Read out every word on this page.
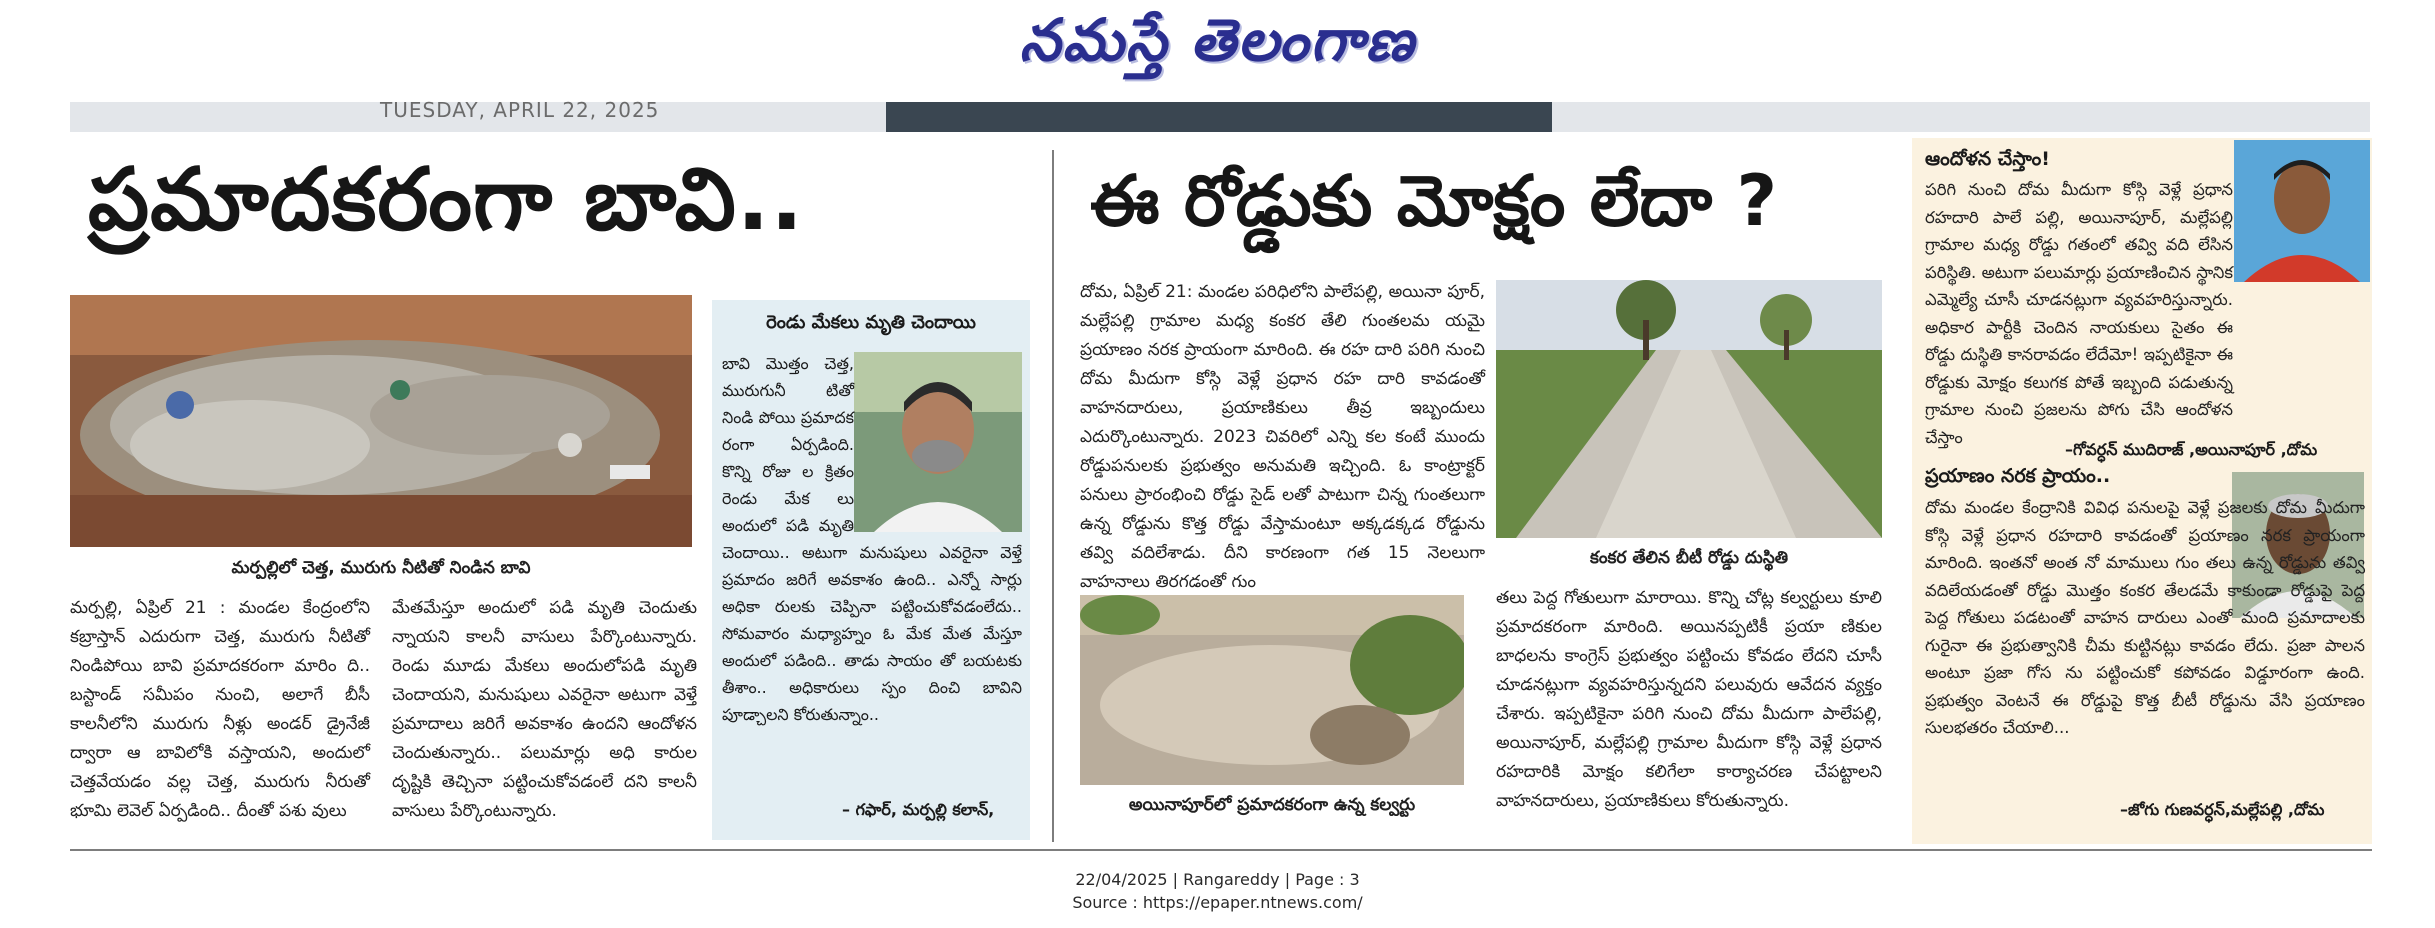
నమస్తే తెలంగాణ
TUESDAY, APRIL 22, 2025
ప్రమాదకరంగా బావి..
మర్పల్లిలో చెత్త, మురుగు నీటితో నిండిన బావి
మర్పల్లి, ఏప్రిల్ 21 : మండల కేంద్రంలోని కబ్రాస్తాన్ ఎదురుగా చెత్త, మురుగు నీటితో నిండిపోయి బావి ప్రమాదకరంగా మారిం ది.. బస్టాండ్ సమీపం నుంచి, అలాగే బీసీ కాలనీలోని మురుగు నీళ్లు అండర్ డ్రైనేజీ ద్వారా ఆ బావిలోకి వస్తాయని, అందులో చెత్తవేయడం వల్ల చెత్త, మురుగు నీరుతో భూమి లెవెల్ ఏర్పడింది.. దీంతో పశు వులు
మేతమేస్తూ అందులో పడి మృతి చెందుతు న్నాయని కాలనీ వాసులు పేర్కొంటున్నారు. రెండు మూడు మేకలు అందులోపడి మృతి చెందాయని, మనుషులు ఎవరైనా అటుగా వెళ్తే ప్రమాదాలు జరిగే అవకాశం ఉందని ఆందోళన చెందుతున్నారు.. పలుమార్లు అధి కారుల దృష్టికి తెచ్చినా పట్టించుకోవడంలే దని కాలనీ వాసులు పేర్కొంటున్నారు.
రెండు మేకలు మృతి చెందాయి
బావి మొత్తం చెత్త, మురుగునీ టితో నిండి పోయి ప్రమాదక రంగా ఏర్పడింది. కొన్ని రోజు ల క్రితం రెండు మేక లు అందులో పడి మృతి చెందాయి.. అటుగా మనుషులు ఎవరైనా వెళ్తే ప్రమాదం జరిగే అవకాశం ఉంది.. ఎన్నో సార్లు అధికా రులకు చెప్పినా పట్టించుకోవడంలేదు.. సోమవారం మధ్యాహ్నం ఓ మేక మేత మేస్తూ అందులో పడింది.. తాడు సాయం తో బయటకు తీశాం.. అధికారులు స్పం దించి బావిని పూడ్చాలని కోరుతున్నాం..
– గఫార్, మర్పల్లి కలాన్,
ఈ రోడ్డుకు మోక్షం లేదా ?
దోమ, ఏప్రిల్ 21: మండల పరిధిలోని పాలేపల్లి, అయినా పూర్, మల్లేపల్లి గ్రామాల మధ్య కంకర తేలి గుంతలమ యమై ప్రయాణం నరక ప్రాయంగా మారింది. ఈ రహ దారి పరిగి నుంచి దోమ మీదుగా కోస్గి వెళ్లే ప్రధాన రహ దారి కావడంతో వాహనదారులు, ప్రయాణికులు తీవ్ర ఇబ్బందులు ఎదుర్కొంటున్నారు. 2023 చివరిలో ఎన్ని కల కంటే ముందు రోడ్డుపనులకు ప్రభుత్వం అనుమతి ఇచ్చింది. ఓ కాంట్రాక్టర్ పనులు ప్రారంభించి రోడ్డు సైడ్ లతో పాటుగా చిన్న గుంతలుగా ఉన్న రోడ్డును కొత్త రోడ్డు వేస్తామంటూ అక్కడక్కడ రోడ్డును తవ్వి వదిలేశాడు. దీని కారణంగా గత 15 నెలలుగా వాహనాలు తిరగడంతో గుం
కంకర తేలిన బీటీ రోడ్డు దుస్థితి
అయినాపూర్‌లో ప్రమాదకరంగా ఉన్న కల్వర్టు
తలు పెద్ద గోతులుగా మారాయి. కొన్ని చోట్ల కల్వర్టులు కూలి ప్రమాదకరంగా మారింది. అయినప్పటికీ ప్రయా ణికుల బాధలను కాంగ్రెస్ ప్రభుత్వం పట్టించు కోవడం లేదని చూసీ చూడనట్లుగా వ్యవహరిస్తున్నదని పలువురు ఆవేదన వ్యక్తం చేశారు. ఇప్పటికైనా పరిగి నుంచి దోమ మీదుగా పాలేపల్లి, అయినాపూర్, మల్లేపల్లి గ్రామాల మీదుగా కోస్గి వెళ్లే ప్రధాన రహదారికి మోక్షం కలిగేలా కార్యాచరణ చేపట్టాలని వాహనదారులు, ప్రయాణికులు కోరుతున్నారు.
ఆందోళన చేస్తాం!
పరిగి నుంచి దోమ మీదుగా కోస్గి వెళ్లే ప్రధాన రహదారి పాలే పల్లి, అయినాపూర్, మల్లేపల్లి గ్రామాల మధ్య రోడ్డు గతంలో తవ్వి వది లేసిన పరిస్థితి. అటుగా పలుమార్లు ప్రయాణించిన స్థానిక ఎమ్మెల్యే చూసీ చూడనట్లుగా వ్యవహరిస్తున్నారు. అధికార పార్టీకి చెందిన నాయకులు సైతం ఈ రోడ్డు దుస్థితి కానరావడం లేదేమో! ఇప్పటికైనా ఈ రోడ్డుకు మోక్షం కలుగక పోతే ఇబ్బంది పడుతున్న గ్రామాల నుంచి ప్రజలను పోగు చేసి ఆందోళన చేస్తాం
–గోవర్ధన్ ముదిరాజ్ ,అయినాపూర్ ,దోమ
ప్రయాణం నరక ప్రాయం..
దోమ మండల కేంద్రానికి వివిధ పనులపై వెళ్లే ప్రజలకు దోమ మీదుగా కోస్గి వెళ్లే ప్రధాన రహదారి కావడంతో ప్రయాణం నరక ప్రాయంగా మారింది. ఇంతనో అంత నో మాములు గుం తలు ఉన్న రోడ్డును తవ్వి వదిలేయడంతో రోడ్డు మొత్తం కంకర తేలడమే కాకుండా రోడ్డుపై పెద్ద పెద్ద గోతులు పడటంతో వాహన దారులు ఎంతో మంది ప్రమాదాలకు గురైనా ఈ ప్రభుత్వానికి చీమ కుట్టినట్లు కావడం లేదు. ప్రజా పాలన అంటూ ప్రజా గోస ను పట్టించుకో కపోవడం విడ్డూరంగా ఉంది. ప్రభుత్వం వెంటనే ఈ రోడ్డుపై కొత్త బీటీ రోడ్డును వేసి ప్రయాణం సులభతరం చేయాలి...
–జోగు గుణవర్ధన్,మల్లేపల్లి ,దోమ
22/04/2025 | Rangareddy | Page : 3
Source : https://epaper.ntnews.com/
